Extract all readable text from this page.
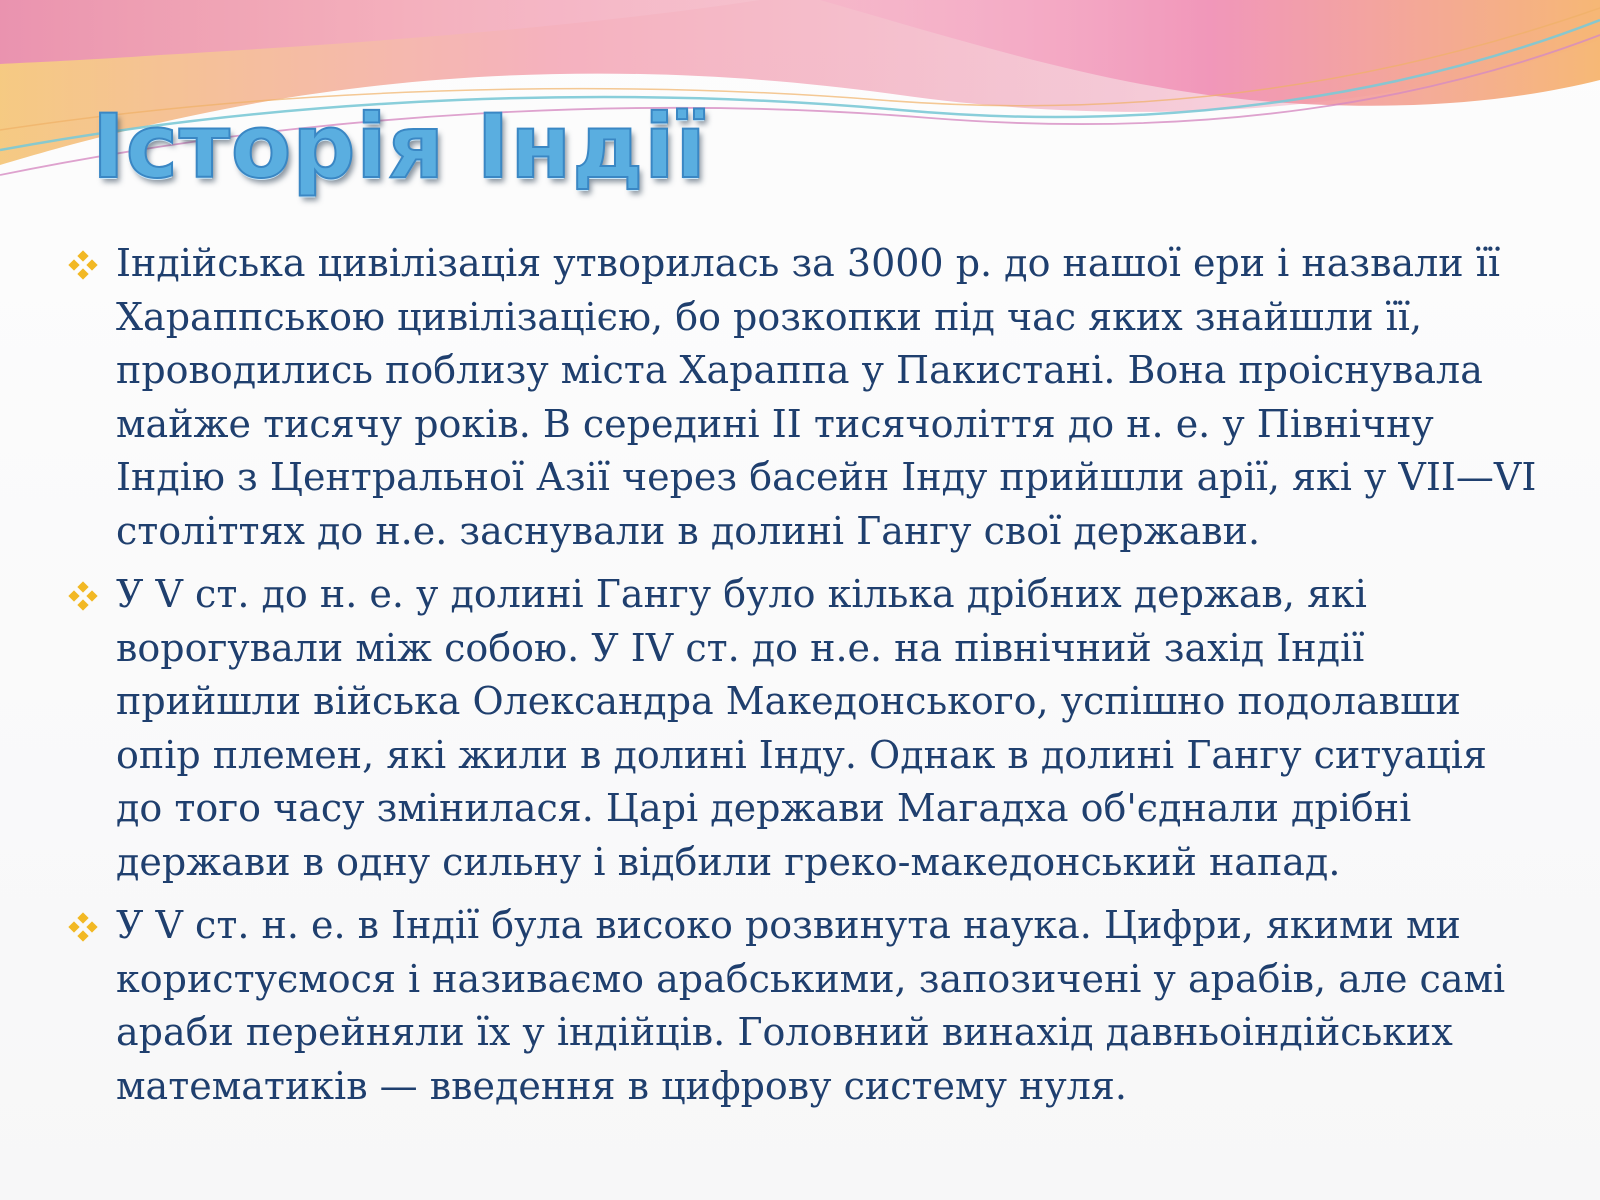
Історія Індії
Індійська цивілізація утворилась за 3000 р. до нашої ери і назвали її Хараппською цивілізацією, бо розкопки під час яких знайшли її, проводились поблизу міста Хараппа у Пакистані. Вона проіснувала майже тисячу років. В середині II тисячоліття до н. е. у Північну Індію з Центральної Азії через басейн Інду прийшли арії, які у VII—VI століттях до н.е. заснували в долині Гангу свої держави.
У V ст. до н. е. у долині Гангу було кілька дрібних держав, які ворогували між собою. У IV ст. до н.е. на північний захід Індії прийшли війська Олександра Македонського, успішно подолавши опір племен, які жили в долині Інду. Однак в долині Гангу ситуація до того часу змінилася. Царі держави Магадха об'єднали дрібні держави в одну сильну і відбили греко-македонський напад.
У V ст. н. е. в Індії була високо розвинута наука. Цифри, якими ми користуємося і називаємо арабськими, запозичені у арабів, але самі араби перейняли їх у індійців. Головний винахід давньоіндійських математиків — введення в цифрову систему нуля.
